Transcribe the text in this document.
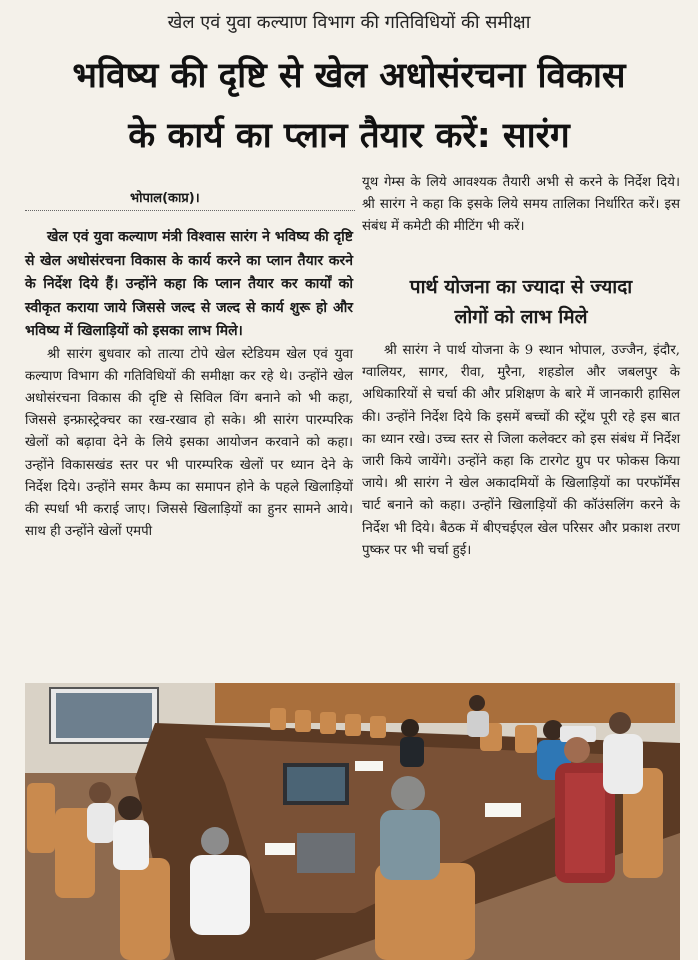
खेल एवं युवा कल्याण विभाग की गतिविधियों की समीक्षा
भविष्य की दृष्टि से खेल अधोसंरचना विकास
के कार्य का प्लान तैयार करें: सारंग
भोपाल(काप्र)।

खेल एवं युवा कल्याण मंत्री विश्वास सारंग ने भविष्य की दृष्टि से खेल अधोसंरचना विकास के कार्य करने का प्लान तैयार करने के निर्देश दिये हैं। उन्होंने कहा कि प्लान तैयार कर कार्यों को स्वीकृत कराया जाये जिससे जल्द से जल्द से कार्य शुरू हो और भविष्य में खिलाड़ियों को इसका लाभ मिले।

श्री सारंग बुधवार को तात्या टोपे खेल स्टेडियम खेल एवं युवा कल्याण विभाग की गतिविधियों की समीक्षा कर रहे थे। उन्होंने खेल अधोसंरचना विकास की दृष्टि से सिविल विंग बनाने को भी कहा, जिससे इन्फ्रास्ट्रेक्चर का रख-रखाव हो सके। श्री सारंग पारम्परिक खेलों को बढ़ावा देने के लिये इसका आयोजन करवाने को कहा। उन्होंने विकासखंड स्तर पर भी पारम्परिक खेलों पर ध्यान देने के निर्देश दिये। उन्होंने समर कैम्प का समापन होने के पहले खिलाड़ियों की स्पर्धा भी कराई जाए। जिससे खिलाड़ियों का हुनर सामने आये। साथ ही उन्होंने खेलों एमपी

यूथ गेम्स के लिये आवश्यक तैयारी अभी से करने के निर्देश दिये। श्री सारंग ने कहा कि इसके लिये समय तालिका निर्धारित करें। इस संबंध में कमेटी की मीटिंग भी करें।

पार्थ योजना का ज्यादा से ज्यादा
लोगों को लाभ मिले

श्री सारंग ने पार्थ योजना के 9 स्थान भोपाल, उज्जैन, इंदौर, ग्वालियर, सागर, रीवा, मुरैना, शहडोल और जबलपुर के अधिकारियों से चर्चा की और प्रशिक्षण के बारे में जानकारी हासिल की। उन्होंने निर्देश दिये कि इसमें बच्चों की स्ट्रेंथ पूरी रहे इस बात का ध्यान रखे। उच्च स्तर से जिला कलेक्टर को इस संबंध में निर्देश जारी किये जायेंगे। उन्होंने कहा कि टारगेट ग्रुप पर फोकस किया जाये। श्री सारंग ने खेल अकादमियों के खिलाड़ियों का परफॉर्मेंस चार्ट बनाने को कहा। उन्होंने खिलाड़ियों की कॉउंसलिंग करने के निर्देश भी दिये। बैठक में बीएचईएल खेल परिसर और प्रकाश तरण पुष्कर पर भी चर्चा हुई।
